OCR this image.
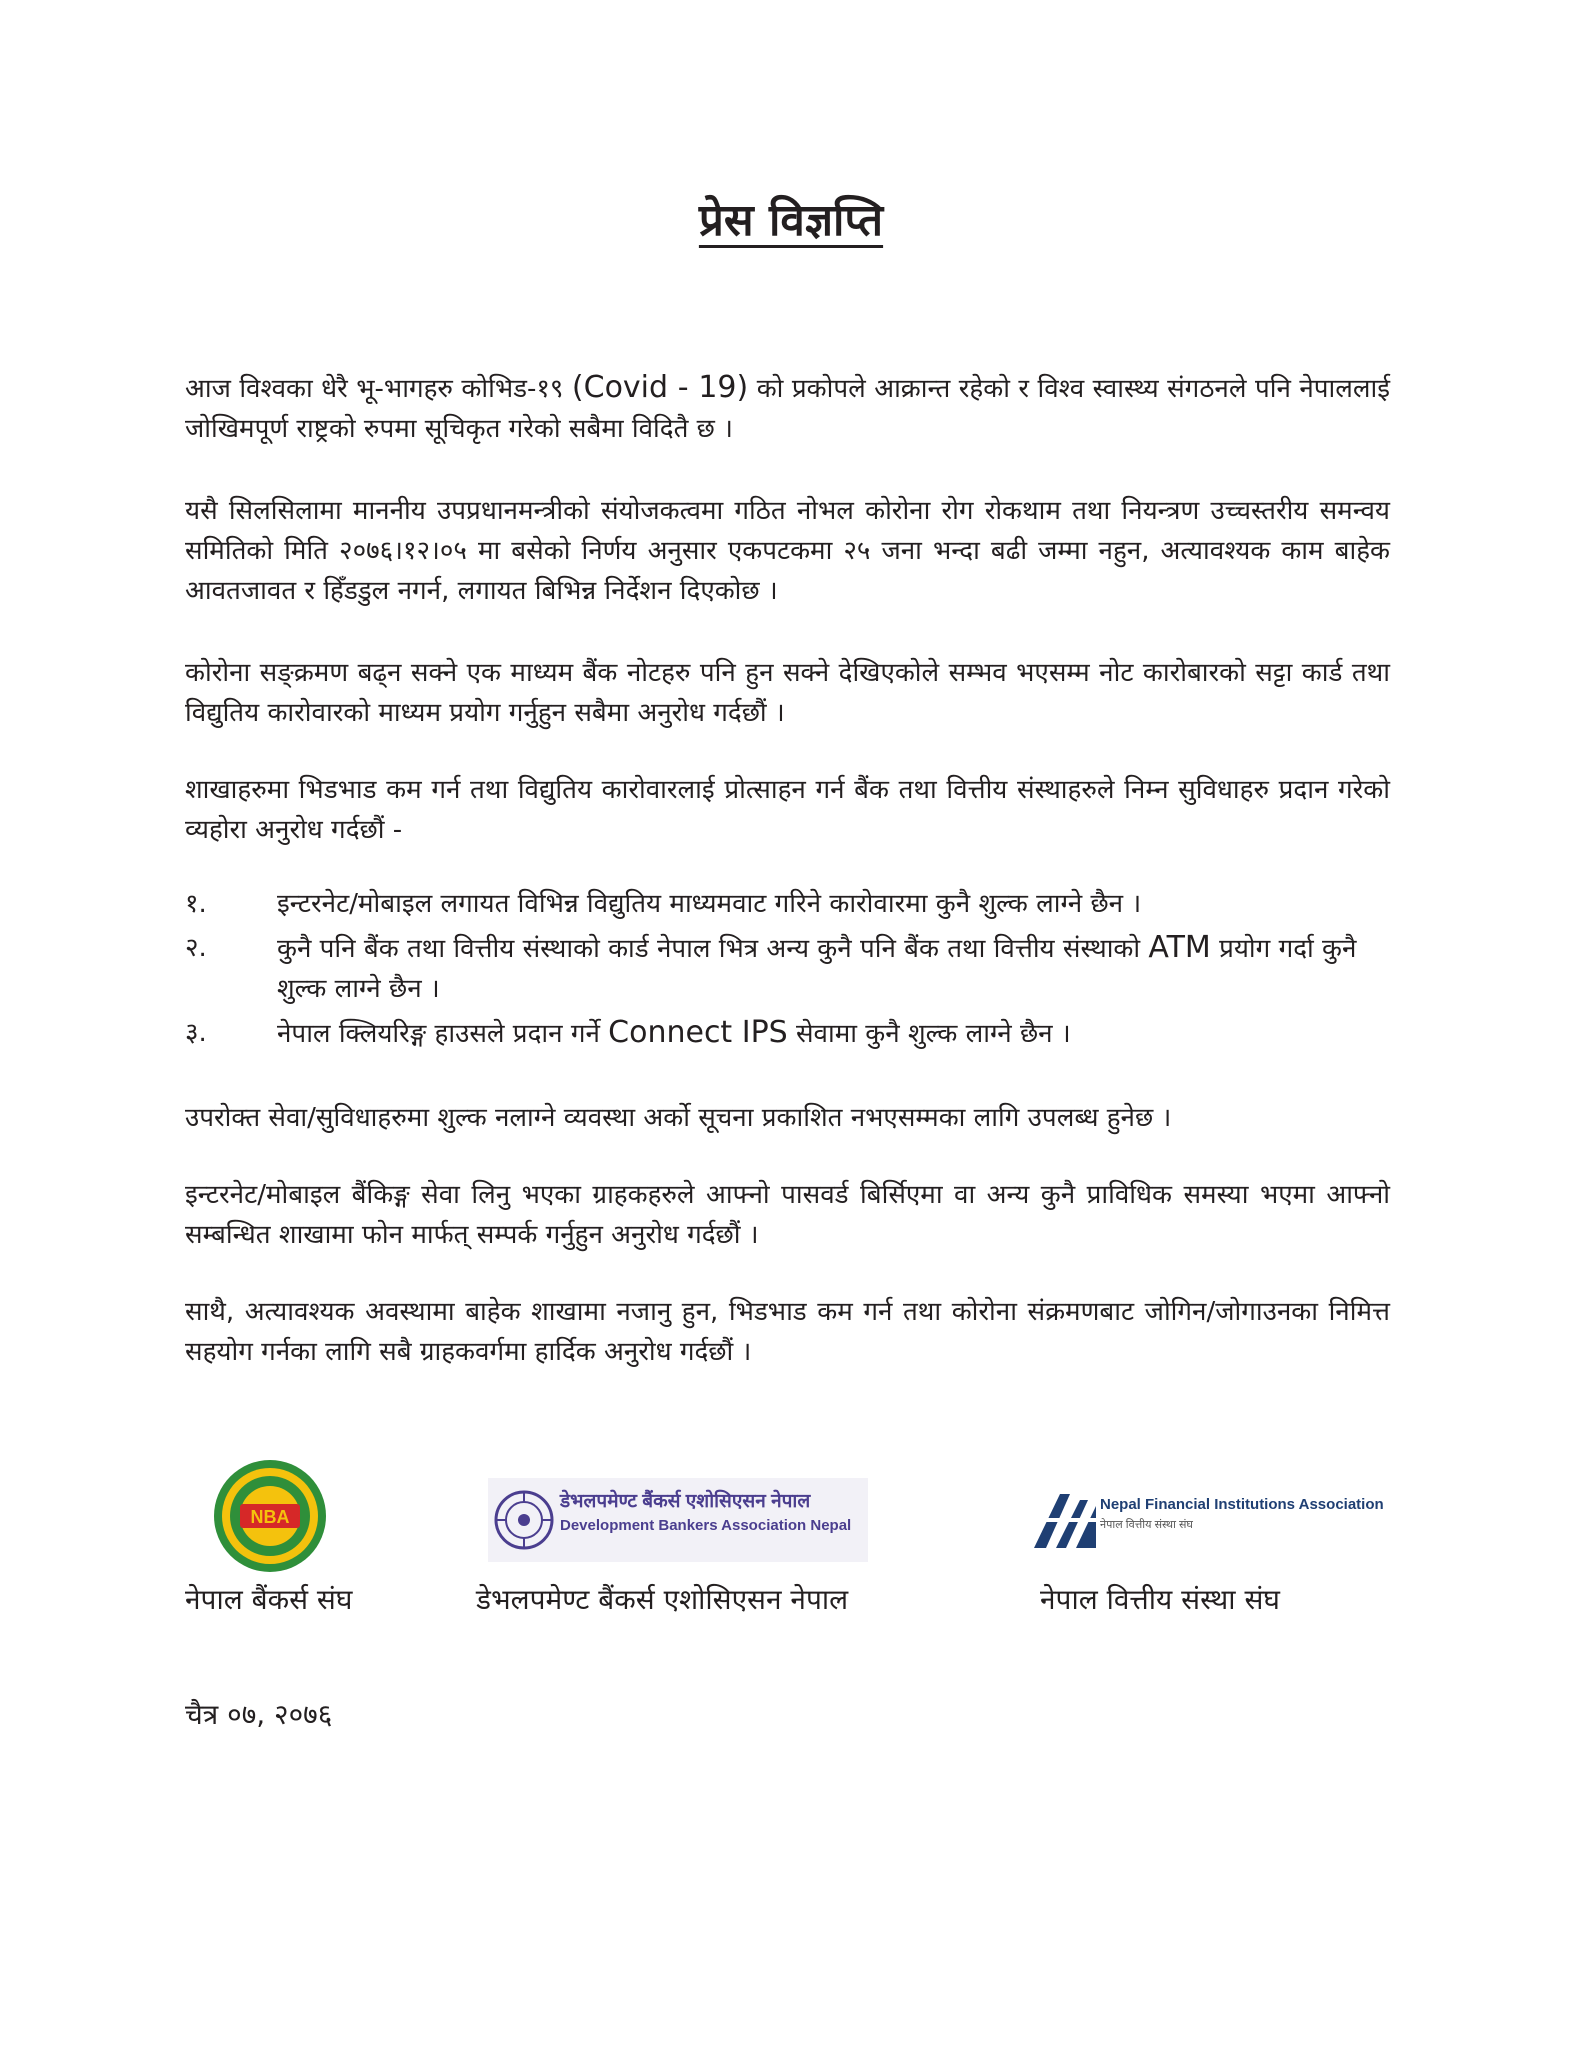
प्रेस विज्ञप्ति

आज विश्वका धेरै भू-भागहरु कोभिड-१९ (Covid - 19) को प्रकोपले आक्रान्त रहेको र विश्व स्वास्थ्य संगठनले पनि नेपाललाई जोखिमपूर्ण राष्ट्रको रुपमा सूचिकृत गरेको सबैमा विदितै छ ।

यसै सिलसिलामा माननीय उपप्रधानमन्त्रीको संयोजकत्वमा गठित नोभल कोरोना रोग रोकथाम तथा नियन्त्रण उच्चस्तरीय समन्वय समितिको मिति २०७६।१२।०५ मा बसेको निर्णय अनुसार एकपटकमा २५ जना भन्दा बढी जम्मा नहुन, अत्यावश्यक काम बाहेक आवतजावत र हिँडडुल नगर्न, लगायत बिभिन्न निर्देशन दिएकोछ ।

कोरोना सङ्क्रमण बढ्न सक्ने एक माध्यम बैंक नोटहरु पनि हुन सक्ने देखिएकोले सम्भव भएसम्म नोट कारोबारको सट्टा कार्ड तथा विद्युतिय कारोवारको माध्यम प्रयोग गर्नुहुन सबैमा अनुरोध गर्दछौं ।

शाखाहरुमा भिडभाड कम गर्न तथा विद्युतिय कारोवारलाई प्रोत्साहन गर्न बैंक तथा वित्तीय संस्थाहरुले निम्न सुविधाहरु प्रदान गरेको व्यहोरा अनुरोध गर्दछौं -

१.	इन्टरनेट/मोबाइल लगायत विभिन्न विद्युतिय माध्यमवाट गरिने कारोवारमा कुनै शुल्क लाग्ने छैन ।
२.	कुनै पनि बैंक तथा वित्तीय संस्थाको कार्ड नेपाल भित्र अन्य कुनै पनि बैंक तथा वित्तीय संस्थाको ATM प्रयोग गर्दा कुनै शुल्क लाग्ने छैन ।
३.	नेपाल क्लियरिङ्ग हाउसले प्रदान गर्ने Connect IPS सेवामा कुनै शुल्क लाग्ने छैन ।

उपरोक्त सेवा/सुविधाहरुमा शुल्क नलाग्ने व्यवस्था अर्को सूचना प्रकाशित नभएसम्मका लागि उपलब्ध हुनेछ ।

इन्टरनेट/मोबाइल बैंकिङ्ग सेवा लिनु भएका ग्राहकहरुले आफ्नो पासवर्ड बिर्सिएमा वा अन्य कुनै प्राविधिक समस्या भएमा आफ्नो सम्बन्धित शाखामा फोन मार्फत् सम्पर्क गर्नुहुन अनुरोध गर्दछौं ।

साथै, अत्यावश्यक अवस्थामा बाहेक शाखामा नजानु हुन, भिडभाड कम गर्न तथा कोरोना संक्रमणबाट जोगिन/जोगाउनका निमित्त सहयोग गर्नका लागि सबै ग्राहकवर्गमा हार्दिक अनुरोध गर्दछौं ।

NBA
डेभलपमेण्ट बैंकर्स एशोसिएसन नेपाल
Development Bankers Association Nepal
Nepal Financial Institutions Association
नेपाल वित्तीय संस्था संघ

नेपाल बैंकर्स संघ	डेभलपमेण्ट बैंकर्स एशोसिएसन नेपाल	नेपाल वित्तीय संस्था संघ

चैत्र ०७, २०७६
